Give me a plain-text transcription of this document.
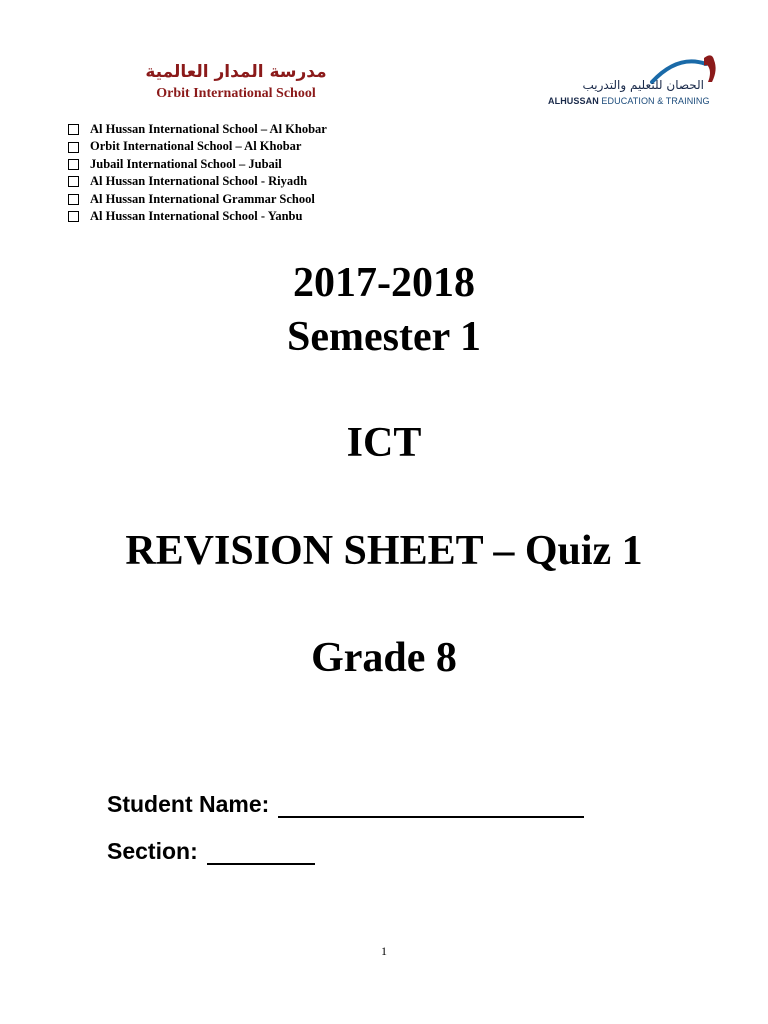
مدرسة المدار العالمية
Orbit International School
الحصان للتعليم والتدريب
ALHUSSAN EDUCATION & TRAINING
Al Hussan International School – Al Khobar
Orbit International School – Al Khobar
Jubail International School – Jubail
Al Hussan International School - Riyadh
Al Hussan International Grammar School
Al Hussan International School - Yanbu
2017-2018
Semester 1
ICT
REVISION SHEET – Quiz 1
Grade 8
Student Name:
Section:
1
